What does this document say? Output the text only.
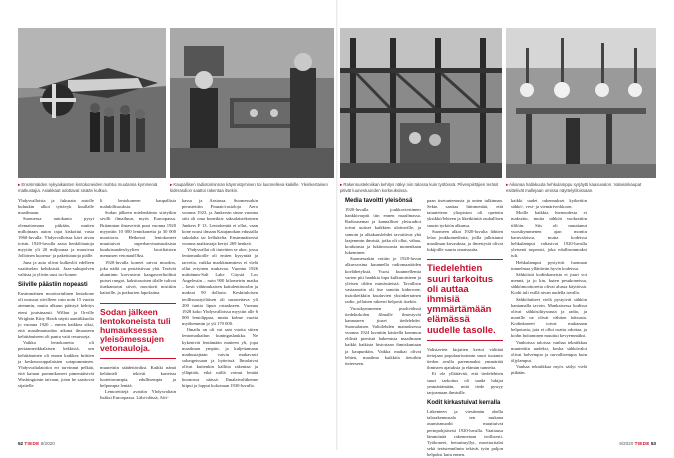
▸ Ensimmäiden nykyaikaisten lentokoneiden mahtui muutamia kymmeniä matkustajia. Asiakkaat odottavat sisään kulkua.
▸ Kaupallisen radiotoiminnan käynnistyminen toi luunnelleva kaikille. Yleinkertaisen kiderasdion saattoi rakentaa itsekin.
▸ Rakennustekniikan kehitys näkyi niin talossa kuin työlöissä. Pilvenpiirtäjien teräsit pitivät luunestuunden korkeuksissa.
▸ Aikanaa hallakuuta hehkulamppu syrjäytti kaasuvalon. Valaisinkaupat esittelivät mallejaan omissa näyttelytiloissaan.

Yhdysvalloista ja fukusata autolle kuluukin alkoi tyttävyk kuullalle maailmaan.

Suomessa autokanta pysyi olemattomana pitkään, mutten milloinaan auton rajat kiskottui vasta 1960-luvulla. Yhdysvalloissa kävi aivan toisin. 1920-luvulla aasia henkilöautoja myytiin yli 20 miljoonaa ja massivaa Jolloinen kuorma- ja pakettiautoja piälle.

Juna ja auto olivat kulkeslöt edelleen vaaitiselan kehiksistä. Jazz-sukupolven valtista ja ylivän uusi iso-konne.

Siiville päästiin nopeasti

Ensimmäinen moottorinlinen lentokone oli noussut siivilleen vain noin 15 vuotta aiemmin, mutta alkuun päästyä kehitys eteni jouisinaasti. Wilbur ja Orville Wrightin Kitty Hawk näytti aantiikkuolta jo vuonna 1920 – ennen kaikkea siksi, että maailmansodan aikana ilmaaseen kehittämiseen oli pantu vaiti resursseja.

Vaikka lentokoneita oli periaamerikkalaisen kekkisiä, sen kehittäminen oli ennen kaikkea brittien ja keskeurooppalaisten sotapomminen. Yhdysvaltalaiotiot eri turvinnut pelkää, että kaiuan pommikoneet pimentäisivät Washingtonin taivaan, joten he saattovat sijaitelle

li lentokoneen kaupallisia mahdollisuuksia.

Sodan jälkeen mielenkiinto siirtyikin sivilli ilmailuun, myös Euroopassa. Britannian ilmaveivät puni vuonna 1920 myyntiin 10 000 lentokonetta ja 30 000 moottoria. Hetkessä lentokoneet muuttuivat superharvinaisuuksista kuuluisuuden/tyylien laorifiaisten menuisen vetonaulOksi.

1920-luvulla koneet saivat muodon, joka näilä on pestäisiivuu yhä. Terävät alumiinin korvasivat kangasverhoiltiut puiset rungot, kaksitasoisen tilalle tulivat tiuekantavat siivet, moottorit nostitiin kattoille, ja potkurien lapoksiina

Sodan jälkeen lentokoneista tuli humauksessa yleisömessujen vetonauloja.

muutettiin säädettäväksi. Kaikki nämä kehiinteli tekivät koneista luotettavampia, edullisempia ja helpompia lentää.

Lentoreittejä avattiin Yhdysvaltain lisäksi Euroopassa. Lähi-idässä, Afri-

kassa ja Aasiassa. Suomessakin perustettiin Finnair/rasioloja Aero vuonna 1923, ja Junkersin sinne vuonna siiti oli oma koneikin: saksalaistekoinen Junkers F 13. Lentokenttä ei ollut, vaan kone nousi ilmaan Katajanokan edustalla sukulalta tai kellukelta. Ensimmäisessä vuonna matkustaja kertyi 269 henkeä.

Yhdysvallat oli tiuteitten se alue, jossa lentomatkoille oli eniten kysyntää ja tarvetta, vaikka markkinamtiess ei vielä ollut ertyinen mukavaa. Vuonna 1926 mittiämm-Salt Lake Citystä Los Angelesiin – noin 900 kilometrin matka – kesti vähimukaisen kaitulentäsoolin ja maksoi 90 dollaria. Keskituloisen teollisuustyöläisen oli sarastettava yli 200 tuntia lipun ostaakseen. Vuonna 1928 koko Yhdysvalloissa myytiin alle 6 000 lentolippua, mutta kolme vuotta myöhemmin jo yli 170 000.

Ilmailu on oli vat sata vuotta sitten lentomatkailun kuningaslaukka. Ne kykenivät lentämään matteen yli, jopa maailman ympäri, ja kuljettamaan matkustajiaan vaivin mukavasti salongeissaan ja hytteissä. Ilmalaivat olivat kuitenkin kalliita rakentaa ja ylläpitää, eikä niillä voinut lentää huonossa säässä. Ilmalaivaliikenne hiipui ja loppui kokonaan 1930-luvulla.

Media tavoitti yleisönsä

1920-luvulla joukkoviestinner hankkivarpiit tiin ennen maailmassa. Radioasemat ja kannalliset yleisradiot toivat uutiset kaikkien ulottuville, ja samoin ja alkakauslehdet tavoittivat yhä laajemmin ihmisiä, jotka oli ollut, vähaa, koulutusta ja lukiinosoasta monenkaan lukeminen.

Suomessakin voitiin jo 1920-luvun alkuvuosina kuunnella radiomaatöiden koelähetyksiä. Vuosi kuunnellemia varten piti hankkia lupa kulkutoirtteen ja yleisen tilden miniäsiteistä. Tavallisin vastaanotin oli itse sanottu kiderrone, itsäoikeikkiin kuuluvien yksinkertainen radio, jollaisen rakensi helposti itsekin.

Vuosikymmenen puolivälissä tiedekirkolen filmalle ilmestyvät kannaaren jiuset tiedelehdet. Suomalaisen Valiolehden mainoksessa vuonna 1924 luvattiin käsitellä kommon elilistä pienistä hakemista maailmaan kaikki kaikista historiaan ihmiskuntaan ja kaupunkiin. Vaikka matkat olivat lehteä, maailma kaikkiin tietoihin tieteeseen.

paan itsetuntemusta ja unien tulkinnan. Sekin saattaa liimmentää, että taiuuteteon yliopiston oli opetettu yksikkö/lehteen ja likeikiintiä rauhallisen suurin tyrköön alkunsa.

Suomeen alkoi 1920-luvulta lähtien lelaa joukkomedioita, joilla julkistumi maailman kuvauksia, ja ilmestysiä olivat lukijoille suurta omaisuutta.

Tiedelehtien suuri tarkoitus oli auttaa ihmisiä ymmärtämään elämässä uudelle tasolle.

Valistavien kirjatien kertoi välittää tietojaan populaarisoinnin suuri tuotanto tiedon avulla paremmaksi ymmärtää ihmisten ajatuksia ja elämän tunnetta.

Ei ole yllättävää, että tiedelehtien suuri tarkoitus oli saada lukijat ymmärtämään, mitä tiede pystyy tarjoamaan ihmisille.

Kodit kirkastuivat kerralla

Liikenteen ja viestinnän ohella talorakennusala sen mukana asumismuodit muuttuivat perinpohjaisesti 1920-luvulla. Vaatiausa lämmönää rakennetaan teollisesti. Työkoneet, betonimyllyt, moottoritalat sekä terästennilmin tekivät työn paljon helpoksi kuin ennen.

kaikki uudet rakennukset kytkettiin sähkö-, vesi- ja viemäriverkkoon.

Moille kaikkia hienoudesta ei maksettu, mutta sähköä vuokrattiin tililöin. Siis oli muuttanut vuosikymmenen ajan monitu karuvaloissa, mutta kodeissa hehkulamput valtasivat 1920-luvulla yleisenä nopeasti, joka edullisemmaksi tuli.

Hehkulamput pystyivät luomaan tunnelmaa yllättävän hyvin kodeissa.

Sähköistä kodinkoneista ei juuri voi mennä, ja jo kin, kuten pesukoneissa, sähkömoottoreita olivat alussa käyttössä. Kodit tuli esillä aivan uudella tavalla.

Sähkölaitteet vielä pystyivät sähkön kantamalla tavoin. Mankaisessa kodissa olivat sähkösilitysrauta ja radio, ja monille ne olivat vähiten luksusta. Kodinkoneet toivat mukanaan helpotusta, jota ei ollut osattu odottaa, ja kodin hoitaminen muuttui kevyemmäksi.

Vanhoissa taloissa vanhaa tekniikkaa muutettiin uudeksi, koska sähkövalot olivat halvempia ja turvallisempia kuin öljylamput.

Vanhaa tekniikkaa myös säilyi vielä pitkään.

52 TIEDE 9/2020	9/2020 TIEDE 53
